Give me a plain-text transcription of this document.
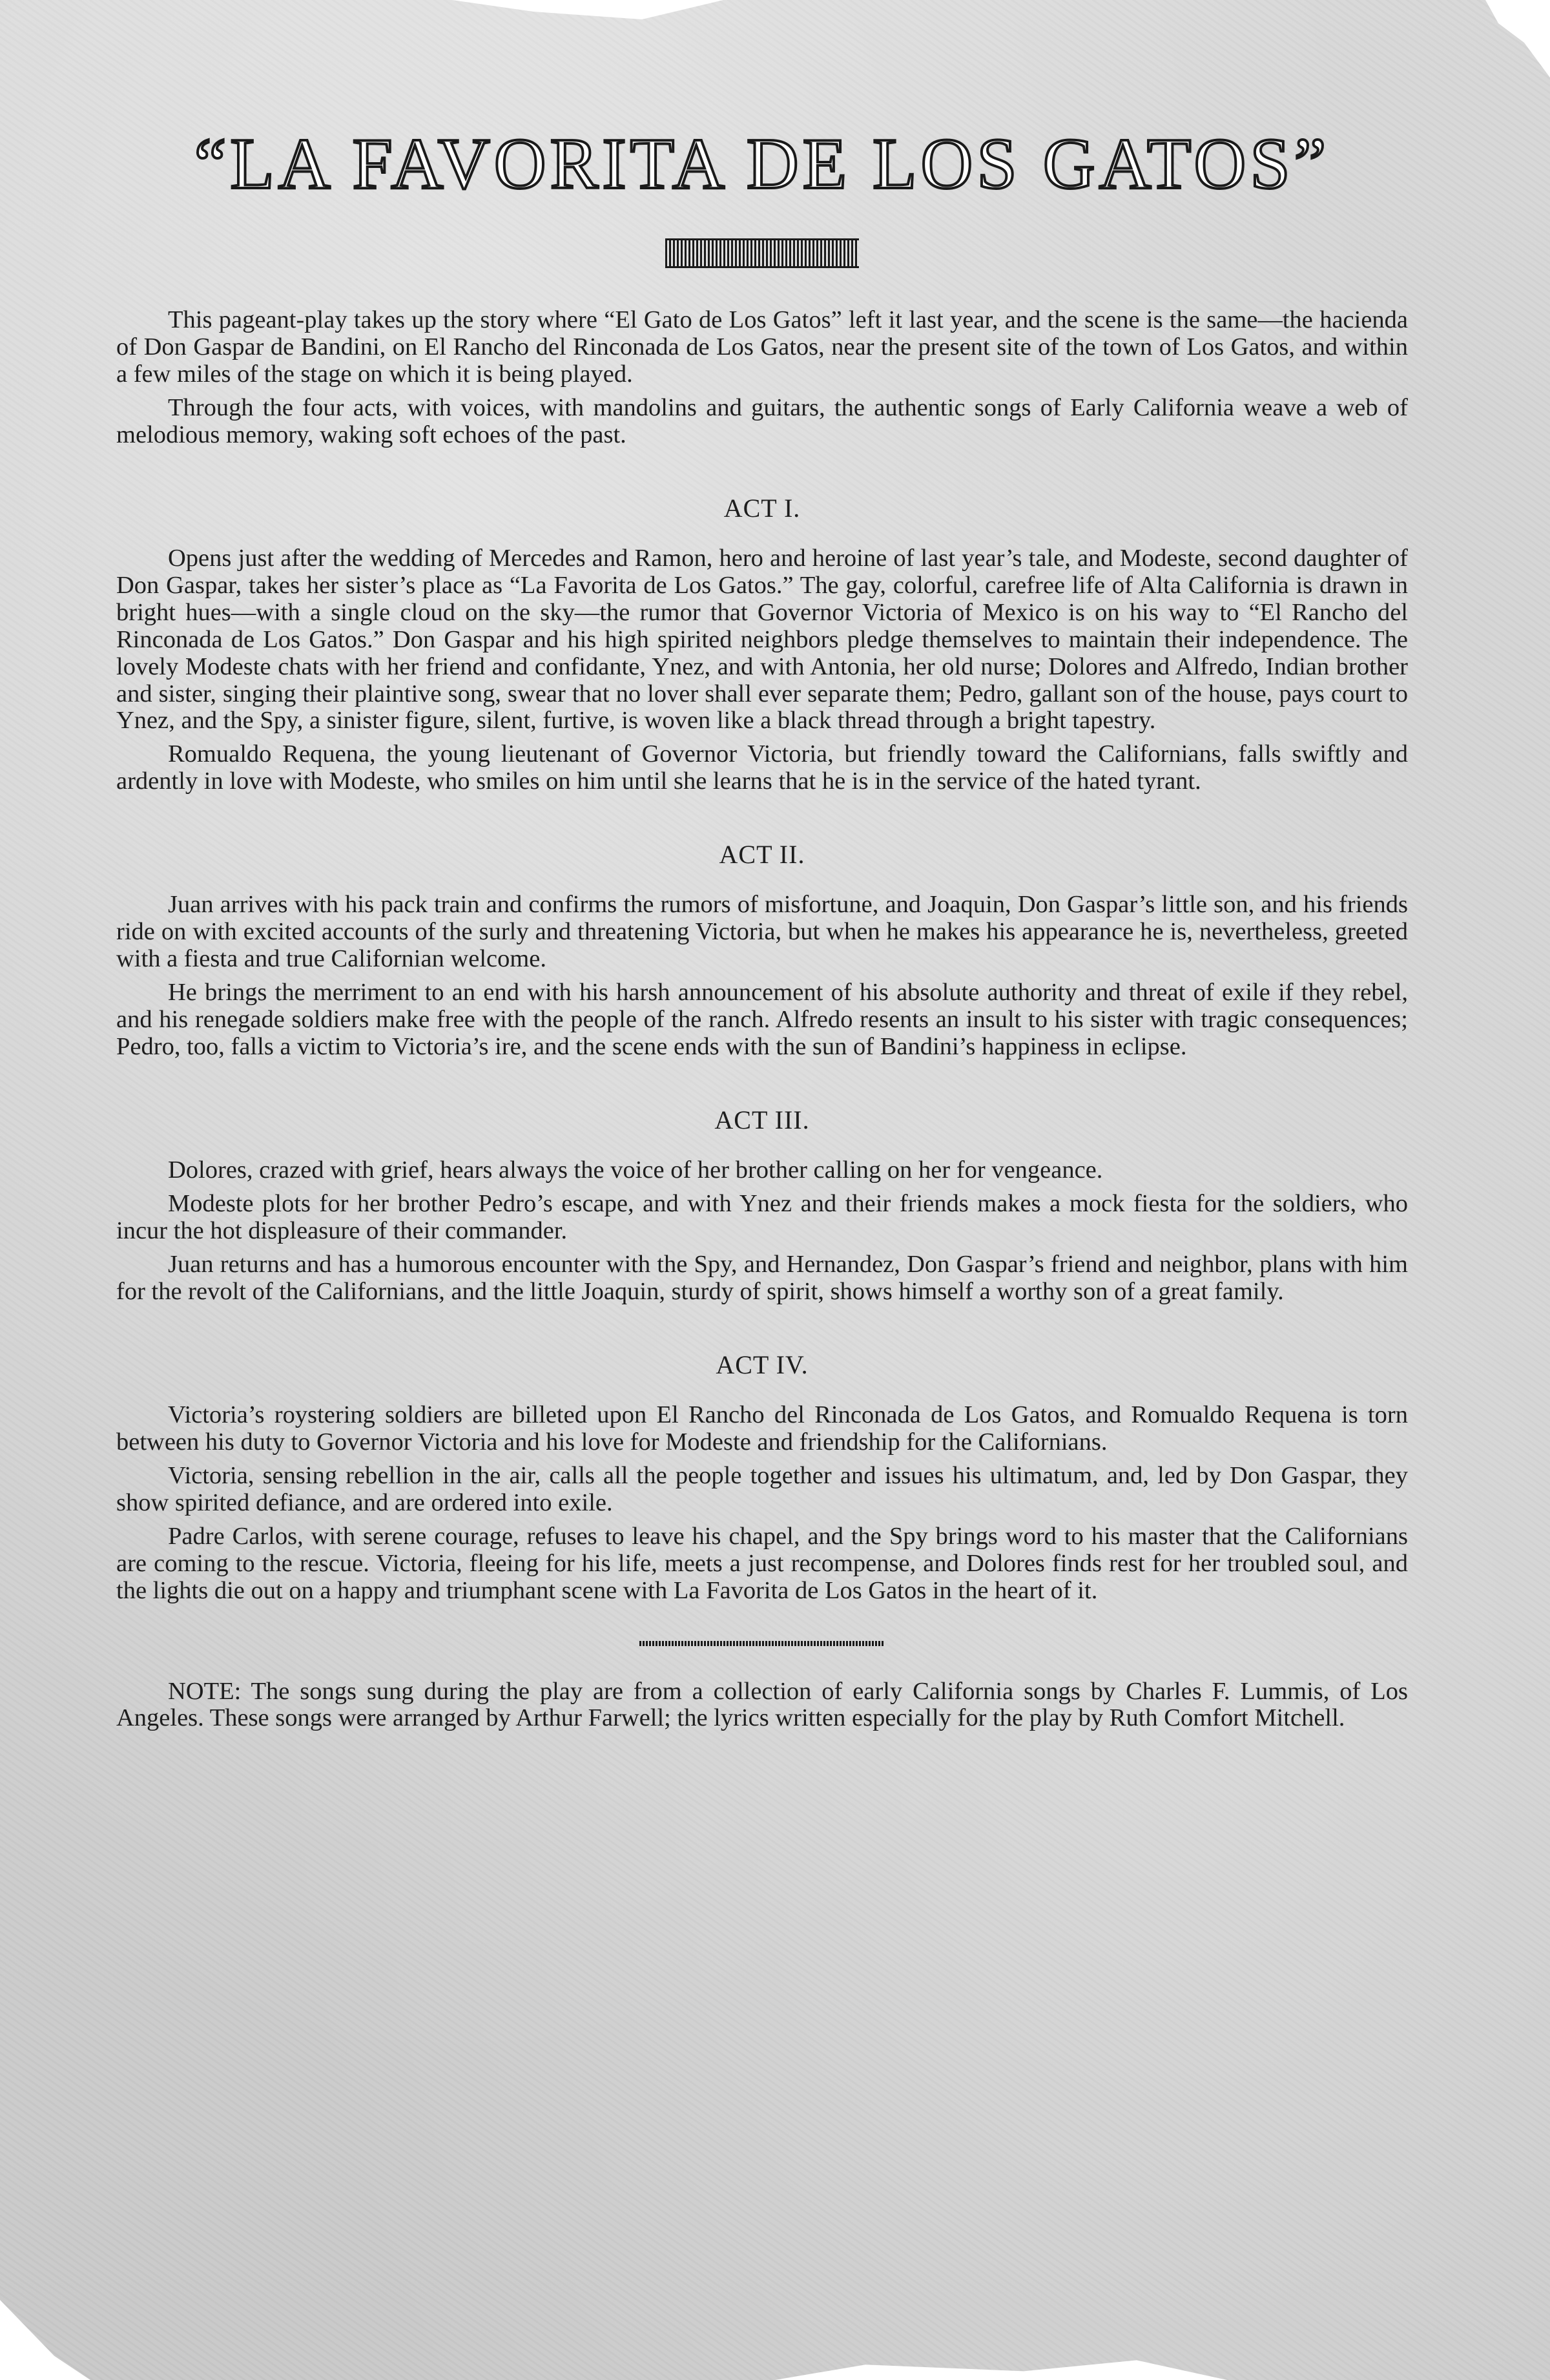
“LA FAVORITA DE LOS GATOS”

This pageant-play takes up the story where “El Gato de Los Gatos” left it last year, and the scene is the same—the hacienda of Don Gaspar de Bandini, on El Rancho del Rinconada de Los Gatos, near the present site of the town of Los Gatos, and within a few miles of the stage on which it is being played.

Through the four acts, with voices, with mandolins and guitars, the authentic songs of Early California weave a web of melodious memory, waking soft echoes of the past.

ACT I.

Opens just after the wedding of Mercedes and Ramon, hero and heroine of last year’s tale, and Modeste, second daughter of Don Gaspar, takes her sister’s place as “La Favorita de Los Gatos.” The gay, colorful, carefree life of Alta California is drawn in bright hues—with a single cloud on the sky—the rumor that Governor Victoria of Mexico is on his way to “El Rancho del Rinconada de Los Gatos.” Don Gaspar and his high spirited neighbors pledge themselves to maintain their independence. The lovely Modeste chats with her friend and confidante, Ynez, and with Antonia, her old nurse; Dolores and Alfredo, Indian brother and sister, singing their plaintive song, swear that no lover shall ever separate them; Pedro, gallant son of the house, pays court to Ynez, and the Spy, a sinister figure, silent, furtive, is woven like a black thread through a bright tapestry.

Romualdo Requena, the young lieutenant of Governor Victoria, but friendly toward the Californians, falls swiftly and ardently in love with Modeste, who smiles on him until she learns that he is in the service of the hated tyrant.

ACT II.

Juan arrives with his pack train and confirms the rumors of misfortune, and Joaquin, Don Gaspar’s little son, and his friends ride on with excited accounts of the surly and threatening Victoria, but when he makes his appearance he is, nevertheless, greeted with a fiesta and true Californian welcome.

He brings the merriment to an end with his harsh announcement of his absolute authority and threat of exile if they rebel, and his renegade soldiers make free with the people of the ranch. Alfredo resents an insult to his sister with tragic consequences; Pedro, too, falls a victim to Victoria’s ire, and the scene ends with the sun of Bandini’s happiness in eclipse.

ACT III.

Dolores, crazed with grief, hears always the voice of her brother calling on her for vengeance.

Modeste plots for her brother Pedro’s escape, and with Ynez and their friends makes a mock fiesta for the soldiers, who incur the hot displeasure of their commander.

Juan returns and has a humorous encounter with the Spy, and Hernandez, Don Gaspar’s friend and neighbor, plans with him for the revolt of the Californians, and the little Joaquin, sturdy of spirit, shows himself a worthy son of a great family.

ACT IV.

Victoria’s roystering soldiers are billeted upon El Rancho del Rinconada de Los Gatos, and Romualdo Requena is torn between his duty to Governor Victoria and his love for Modeste and friendship for the Californians.

Victoria, sensing rebellion in the air, calls all the people together and issues his ultimatum, and, led by Don Gaspar, they show spirited defiance, and are ordered into exile.

Padre Carlos, with serene courage, refuses to leave his chapel, and the Spy brings word to his master that the Californians are coming to the rescue. Victoria, fleeing for his life, meets a just recompense, and Dolores finds rest for her troubled soul, and the lights die out on a happy and triumphant scene with La Favorita de Los Gatos in the heart of it.

NOTE: The songs sung during the play are from a collection of early California songs by Charles F. Lummis, of Los Angeles. These songs were arranged by Arthur Farwell; the lyrics written especially for the play by Ruth Comfort Mitchell.
